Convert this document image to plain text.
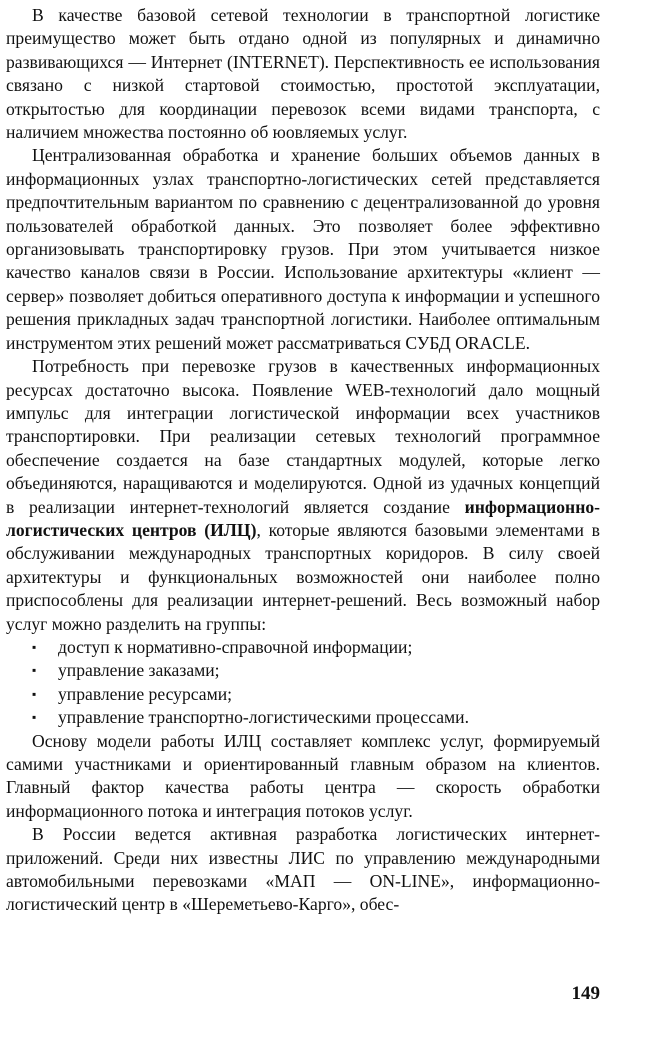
В качестве базовой сетевой технологии в транспортной логистике преимущество может быть отдано одной из популярных и динамично развивающихся — Интернет (INTERNET). Перспективность ее использования связано с низкой стартовой стоимостью, простотой эксплуатации, открытостью для координации перевозок всеми видами транспорта, с наличием множества постоянно об юовляемых услуг.

Централизованная обработка и хранение больших объемов данных в информационных узлах транспортно-логистических сетей представляется предпочтительным вариантом по сравнению с децентрализованной до уровня пользователей обработкой данных. Это позволяет более эффективно организовывать транспортировку грузов. При этом учитывается низкое качество каналов связи в России. Использование архитектуры «клиент — сервер» позволяет добиться оперативного доступа к информации и успешного решения прикладных задач транспортной логистики. Наиболее оптимальным инструментом этих решений может рассматриваться СУБД ORACLE.

Потребность при перевозке грузов в качественных информационных ресурсах достаточно высока. Появление WEB-технологий дало мощный импульс для интеграции логистической информации всех участников транспортировки. При реализации сетевых технологий программное обеспечение создается на базе стандартных модулей, которые легко объединяются, наращиваются и моделируются. Одной из удачных концепций в реализации интернет-технологий является создание информационно-логистических центров (ИЛЦ), которые являются базовыми элементами в обслуживании международных транспортных коридоров. В силу своей архитектуры и функциональных возможностей они наиболее полно приспособлены для реализации интернет-решений. Весь возможный набор услуг можно разделить на группы:

▪ доступ к нормативно-справочной информации;
▪ управление заказами;
▪ управление ресурсами;
▪ управление транспортно-логистическими процессами.

Основу модели работы ИЛЦ составляет комплекс услуг, формируемый самими участниками и ориентированный главным образом на клиентов. Главный фактор качества работы центра — скорость обработки информационного потока и интеграция потоков услуг.

В России ведется активная разработка логистических интернет-приложений. Среди них известны ЛИС по управлению международными автомобильными перевозками «МАП — ON-LINE», информационно-логистический центр в «Шереметьево-Карго», обес-

149
